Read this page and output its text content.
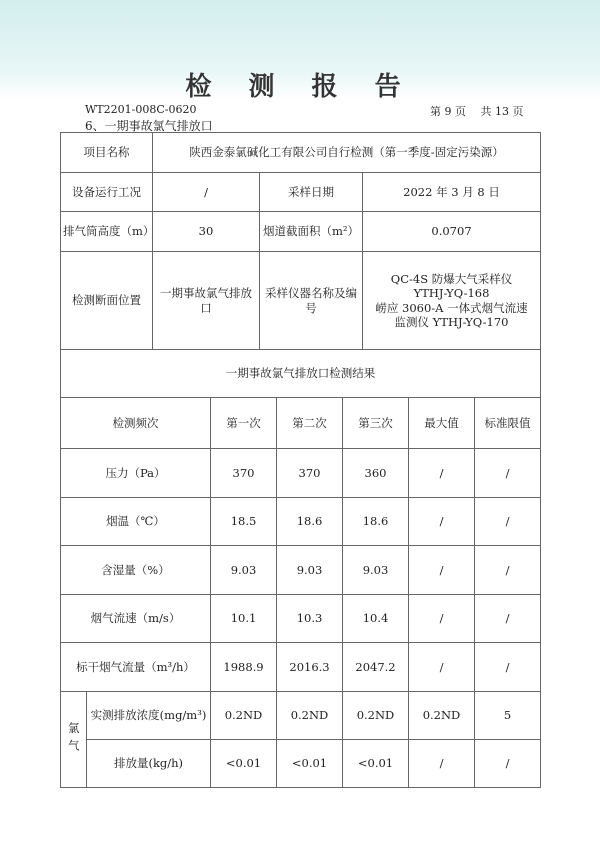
检 测 报 告
WT2201-008C-0620	第 9 页　 共 13 页
6、一期事故氯气排放口
项目名称	陕西金泰氯碱化工有限公司自行检测（第一季度-固定污染源）		
设备运行工况	/	采样日期	2022 年 3 月 8 日
排气筒高度（m）	30	烟道截面积（m²）	0.0707
检测断面位置	一期事故氯气排放口	采样仪器名称及编号	QC-4S 防爆大气采样仪
YTHJ-YQ-168
崂应 3060-A 一体式烟气流速
监测仪 YTHJ-YQ-170
一期事故氯气排放口检测结果						
检测频次		第一次	第二次	第三次	最大值	标准限值
压力（Pa）		370	370	360	/	/
烟温（℃）		18.5	18.6	18.6	/	/
含湿量（%）		9.03	9.03	9.03	/	/
烟气流速（m/s）		10.1	10.3	10.4	/	/
标干烟气流量（m³/h）		1988.9	2016.3	2047.2	/	/
氯气	实测排放浓度(mg/m³)	0.2ND	0.2ND	0.2ND	0.2ND	5
	排放量(kg/h)	<0.01	<0.01	<0.01	/	/
